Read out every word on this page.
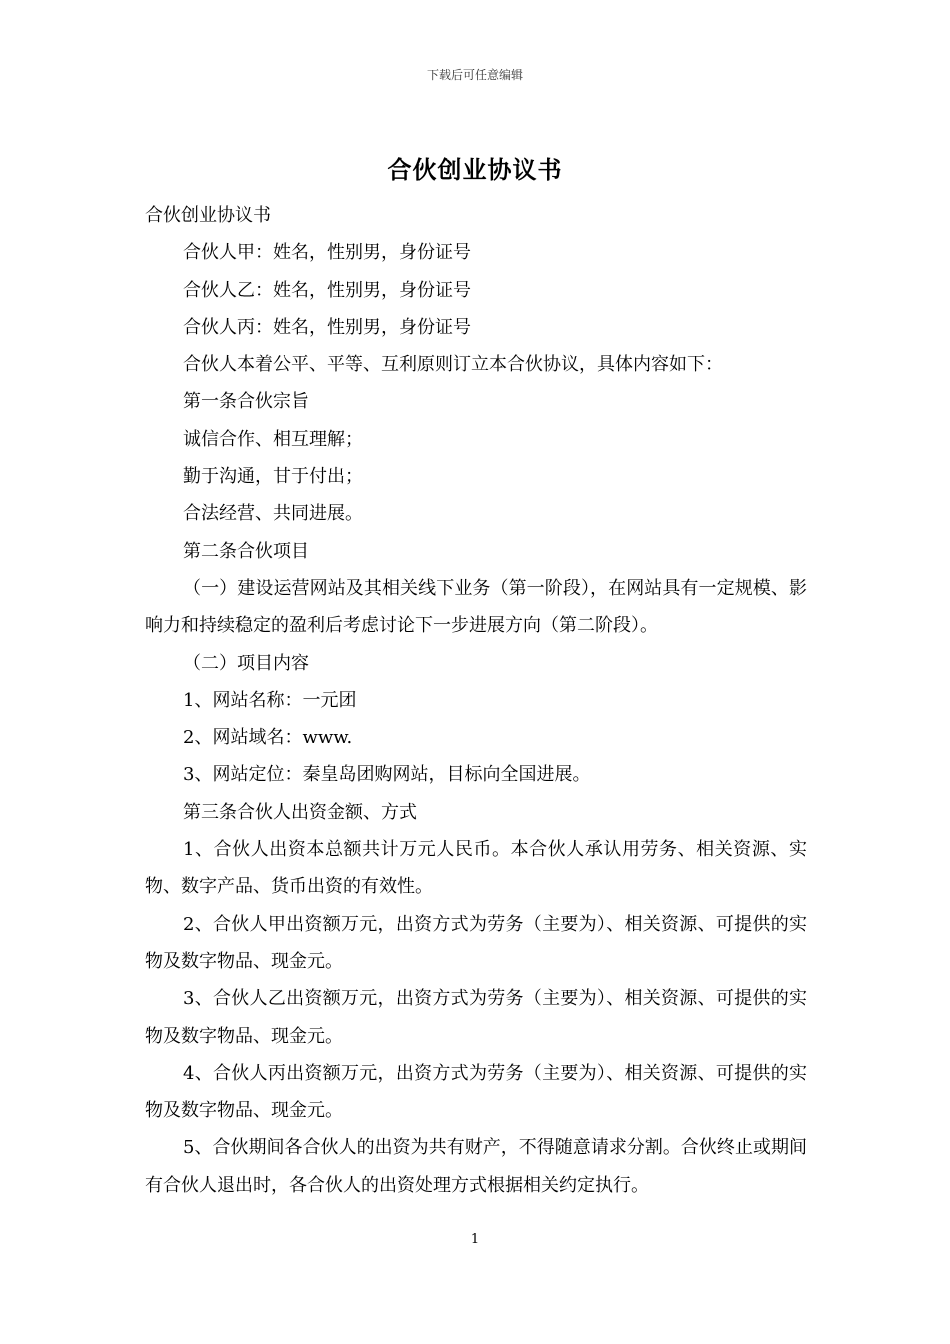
下载后可任意编辑
合伙创业协议书

合伙创业协议书

合伙人甲：姓名，性别男，身份证号

合伙人乙：姓名，性别男，身份证号

合伙人丙：姓名，性别男，身份证号

合伙人本着公平、平等、互利原则订立本合伙协议，具体内容如下：

第一条合伙宗旨

诚信合作、相互理解；

勤于沟通，甘于付出；

合法经营、共同进展。

第二条合伙项目

（一）建设运营网站及其相关线下业务（第一阶段），在网站具有一定规模、影响力和持续稳定的盈利后考虑讨论下一步进展方向（第二阶段）。

（二）项目内容

1、网站名称：一元团

2、网站域名：www.

3、网站定位：秦皇岛团购网站，目标向全国进展。

第三条合伙人出资金额、方式

1、合伙人出资本总额共计万元人民币。本合伙人承认用劳务、相关资源、实物、数字产品、货币出资的有效性。

2、合伙人甲出资额万元，出资方式为劳务（主要为）、相关资源、可提供的实物及数字物品、现金元。

3、合伙人乙出资额万元，出资方式为劳务（主要为）、相关资源、可提供的实物及数字物品、现金元。

4、合伙人丙出资额万元，出资方式为劳务（主要为）、相关资源、可提供的实物及数字物品、现金元。

5、合伙期间各合伙人的出资为共有财产，不得随意请求分割。合伙终止或期间有合伙人退出时，各合伙人的出资处理方式根据相关约定执行。

1
